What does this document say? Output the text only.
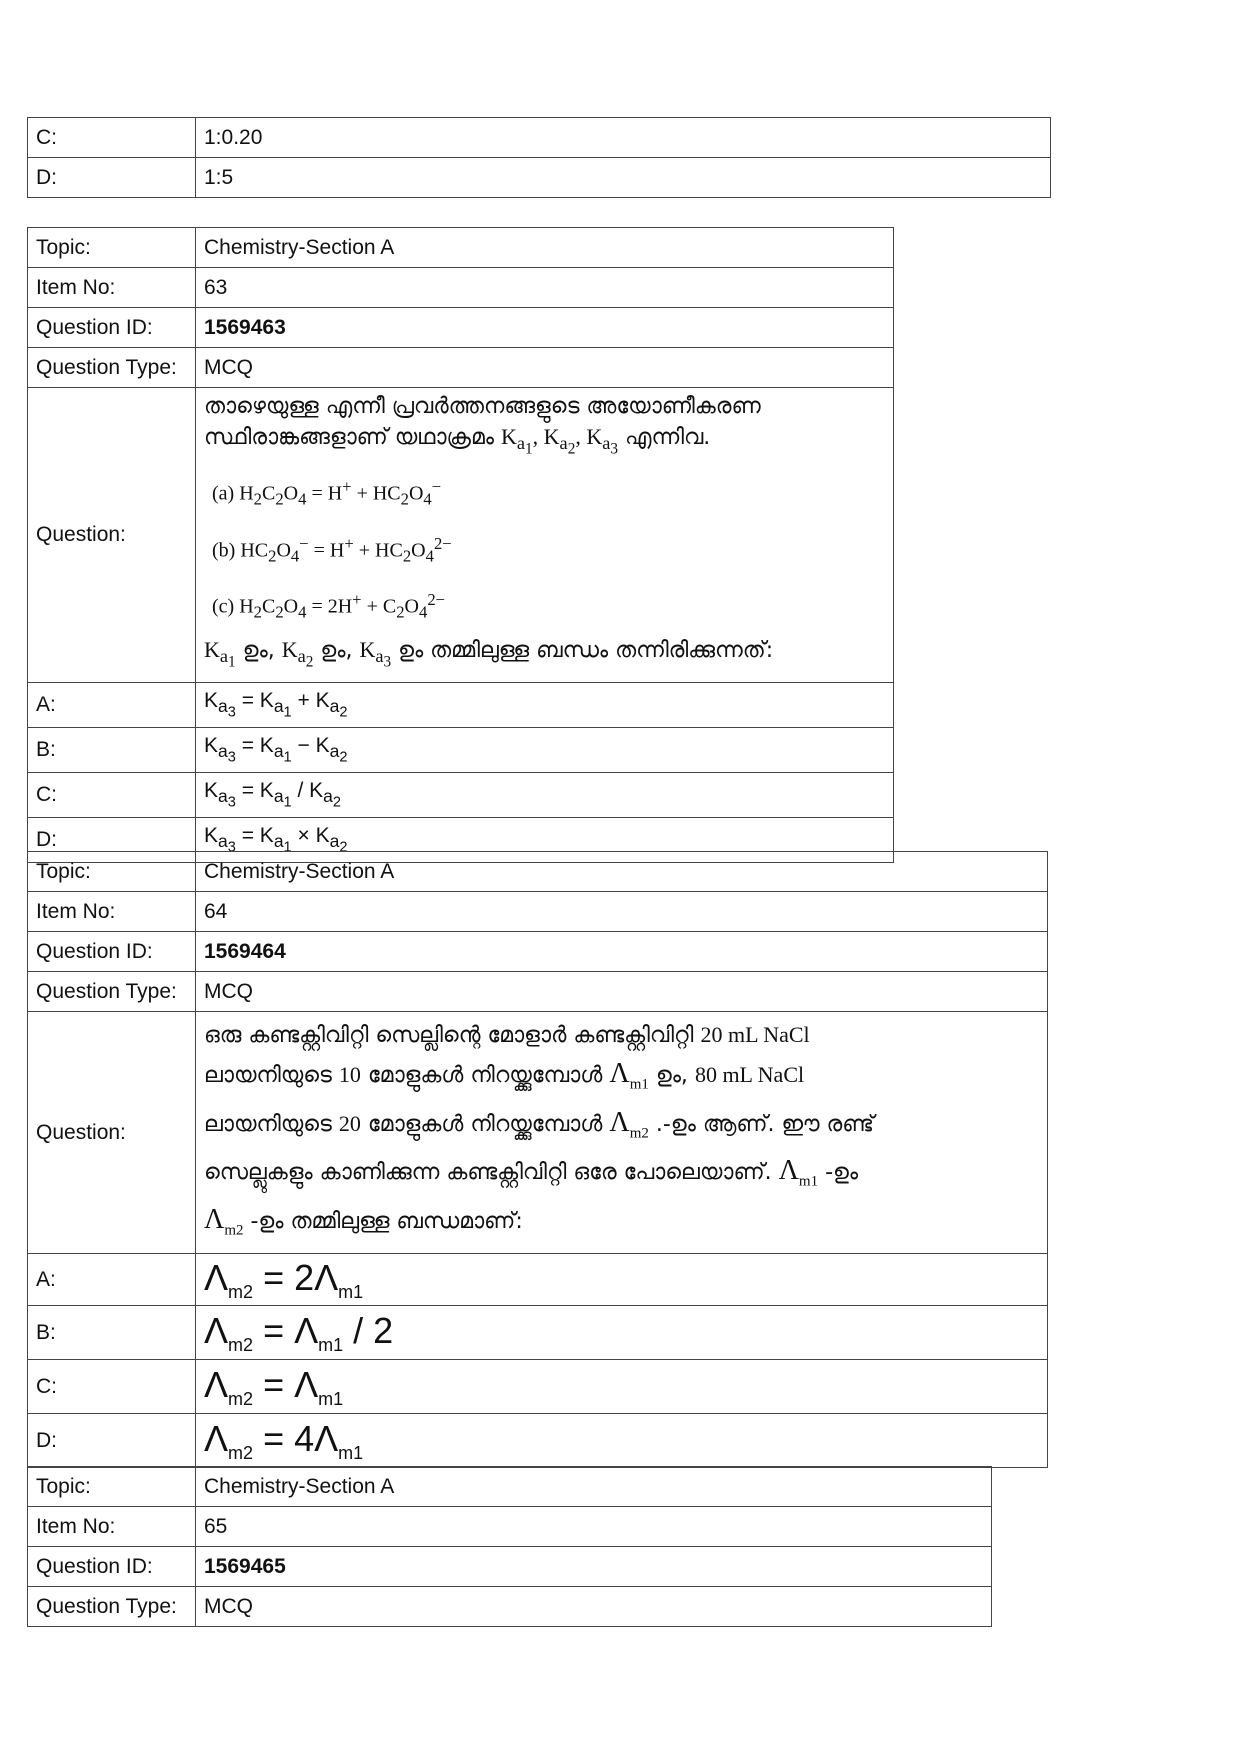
C:	1:0.20
D:	1:5
Topic:	Chemistry-Section A
Item No:	63
Question ID:	1569463
Question Type:	MCQ
Question:	താഴെയുള്ള എന്നീ പ്രവർത്തനങ്ങളുടെ അയോണീകരണ സ്ഥിരാങ്കങ്ങളാണ് യഥാക്രമം $K_{a_1}$, $K_{a_2}$, $K_{a_3}$ എന്നിവ.
(a) $H_2C_2O_4 = H^+ + HC_2O_4^-$
(b) $HC_2O_4^- = H^+ + HC_2O_4^{2-}$
(c) $H_2C_2O_4 = 2H^+ + C_2O_4^{2-}$
$K_{a_1}$ ഉം, $K_{a_2}$ ഉം, $K_{a_3}$ ഉം തമ്മിലുള്ള ബന്ധം തന്നിരിക്കുന്നത്:

A:	$K_{a_3} = K_{a_1} + K_{a_2}$
B:	$K_{a_3} = K_{a_1} - K_{a_2}$
C:	$K_{a_3} = K_{a_1} / K_{a_2}$
D:	$K_{a_3} = K_{a_1} \times K_{a_2}$
Topic:	Chemistry-Section A
Item No:	64
Question ID:	1569464
Question Type:	MCQ
Question:	ഒരു കണ്ടക്റ്റിവിറ്റി സെല്ലിന്റെ മോളാർ കണ്ടക്റ്റിവിറ്റി 20 mL NaCl
ലായനിയുടെ 10 മോളുകൾ നിറയ്ക്കുമ്പോൾ $\Lambda_{m1}$ ഉം, 80 mL NaCl
ലായനിയുടെ 20 മോളുകൾ നിറയ്ക്കുമ്പോൾ $\Lambda_{m2}$ .-ഉം ആണ്. ഈ രണ്ട്
സെല്ലുകളും കാണിക്കുന്ന കണ്ടക്റ്റിവിറ്റി ഒരേ പോലെയാണ്. $\Lambda_{m1}$ -ഉം
$\Lambda_{m2}$ -ഉം തമ്മിലുള്ള ബന്ധമാണ്:

A:	$\Lambda_{m2} = 2\Lambda_{m1}$
B:	$\Lambda_{m2} = \Lambda_{m1} / 2$
C:	$\Lambda_{m2} = \Lambda_{m1}$
D:	$\Lambda_{m2} = 4\Lambda_{m1}$
Topic:	Chemistry-Section A
Item No:	65
Question ID:	1569465
Question Type:	MCQ
